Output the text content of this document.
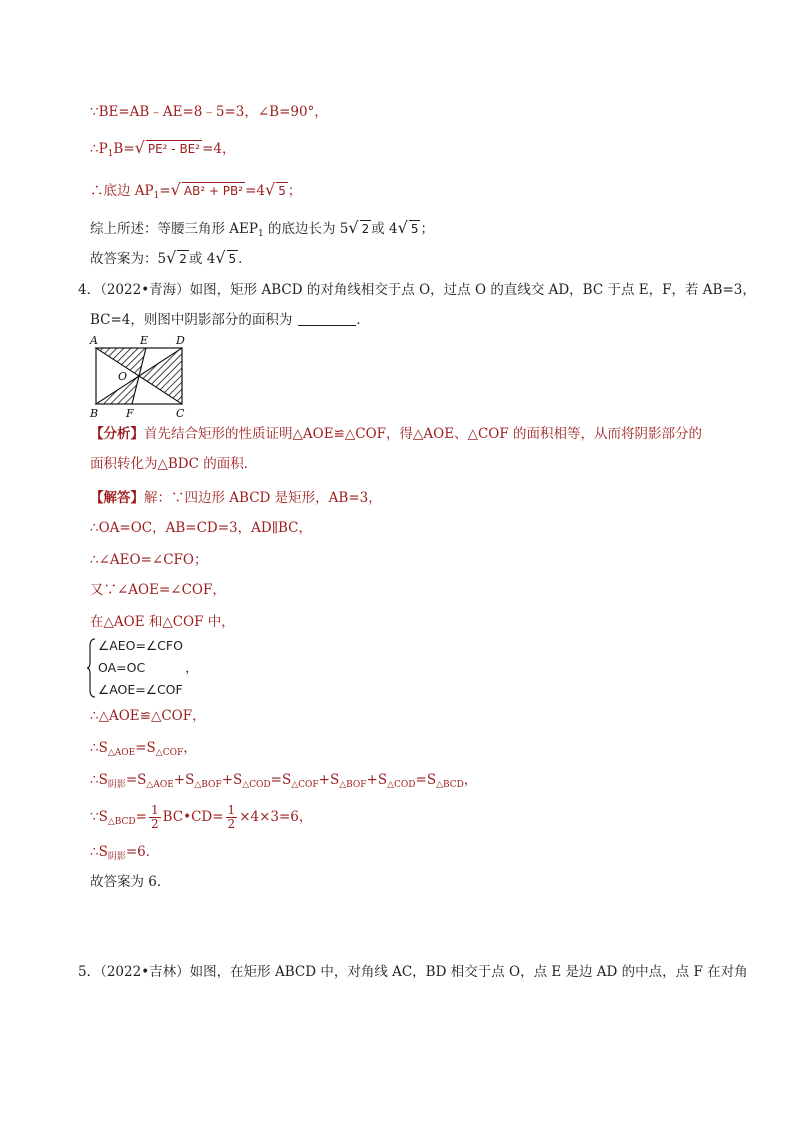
∵BE=AB﹣AE=8﹣5=3，∠B=90°，
$\therefore P_1B=√$ PE² - BE² =4，
∴底边 $AP_1=√$ AB² + PB² =4√ 5 ；
综上所述：等腰三角形 $AEP_1$ 的底边长为 5√ 2 或 4√ 5 ；
故答案为：5√ 2 或 4√ 5 ．
4．（2022•青海）如图，矩形 ABCD 的对角线相交于点 O，过点 O 的直线交 AD，BC 于点 E，F，若 AB=3，
BC=4，则图中阴影部分的面积为	．
A	E	D
O
B	F	C
【分析】首先结合矩形的性质证明△AOE≌△COF，得△AOE、△COF 的面积相等，从而将阴影部分的
面积转化为△BDC 的面积．
【解答】解：∵四边形 ABCD 是矩形，AB=3，
∴OA=OC，AB=CD=3，AD∥BC，
∴∠AEO=∠CFO；
又∵∠AOE=∠COF，
在△AOE 和△COF 中，
∠AEO=∠CFO
OA=OC	，
∠AOE=∠COF
∴△AOE≌△COF，
$\therefore S_{\triangle AOE}=S_{\triangle COF}$，
$\therefore S_{阴影}=S_{\triangle AOE}+S_{\triangle BOF}+S_{\triangle COD}=S_{\triangle COF}+S_{\triangle BOF}+S_{\triangle COD}=S_{\triangle BCD}$，
$\because S_{\triangle BCD}= \frac{1}{2}$ BC•CD= $\frac{1}{2} \times 4\times 3=6$，
$\therefore S_{阴影}=6$．
故答案为 6．
5．（2022•吉林）如图，在矩形 ABCD 中，对角线 AC，BD 相交于点 O，点 E 是边 AD 的中点，点 F 在对角
